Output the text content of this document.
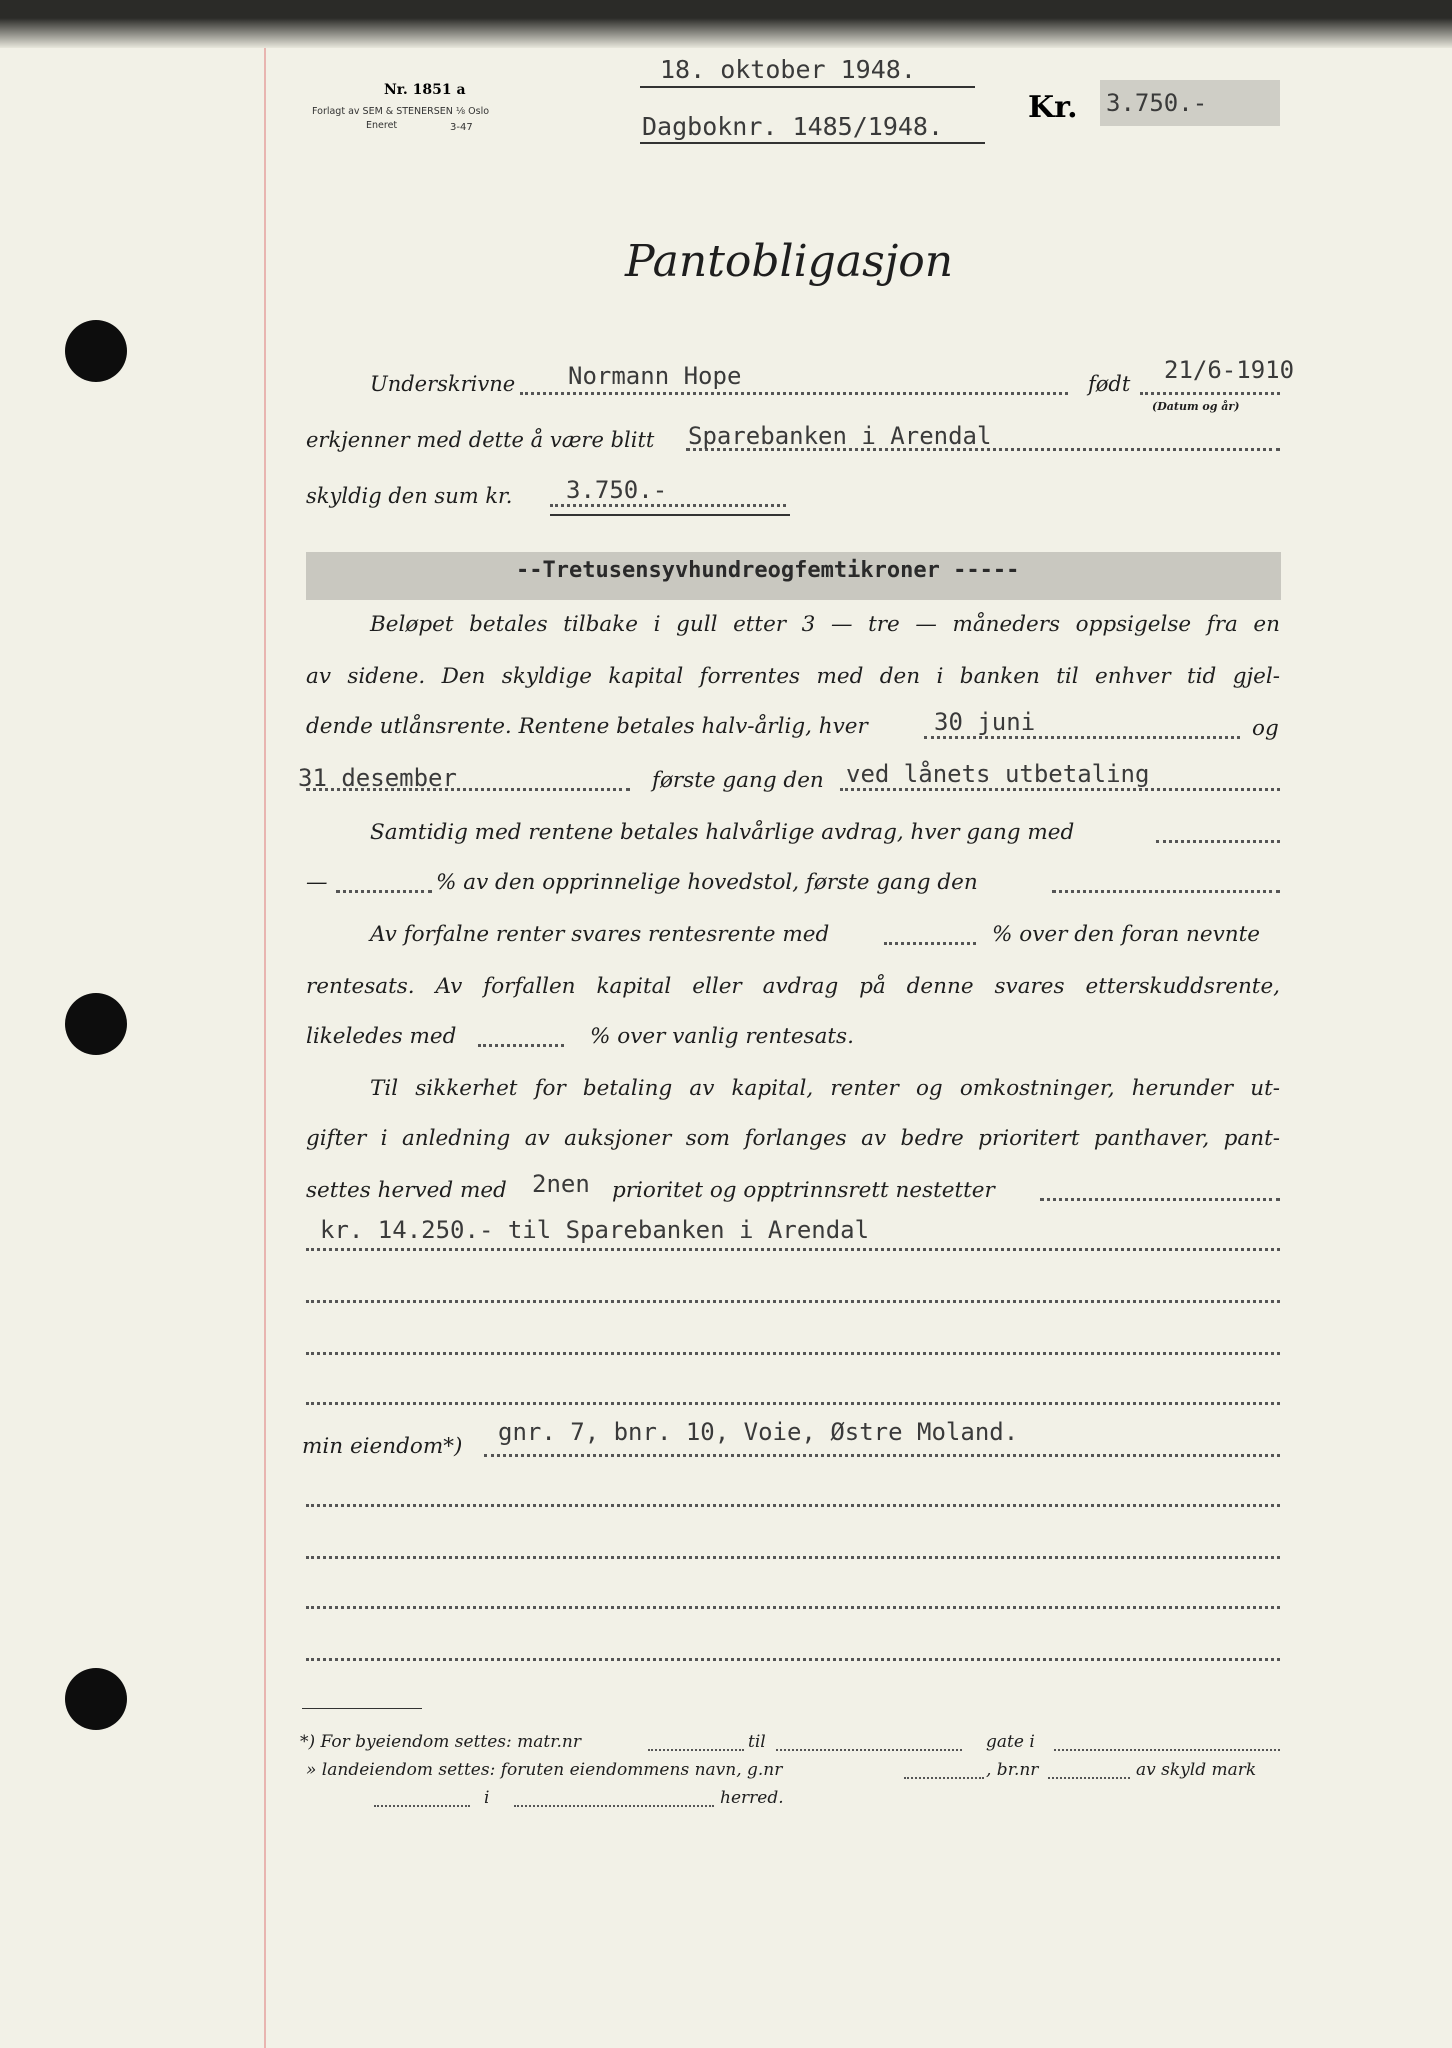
Nr. 1851 a
Forlagt av SEM & STENERSEN ⅛ Oslo
Eneret	3-47
18. oktober 1948.
Dagboknr. 1485/1948.
Kr. 3.750.-
Pantobligasjon
Underskrivne Normann Hope	født 21/6-1910
(Datum og år)
erkjenner med dette å være blitt Sparebanken i Arendal
skyldig den sum kr. 3.750.-
--Tretusensyvhundreogfemtikroner -----
Beløpet betales tilbake i gull etter 3 — tre — måneders oppsigelse fra en
av sidene. Den skyldige kapital forrentes med den i banken til enhver tid gjel-
dende utlånsrente. Rentene betales halv-årlig, hver	30 juni	og
31 desember	første gang den ved lånets utbetaling
Samtidig med rentene betales halvårlige avdrag, hver gang med
—	% av den opprinnelige hovedstol, første gang den
Av forfalne renter svares rentesrente med	% over den foran nevnte
rentesats. Av forfallen kapital eller avdrag på denne svares etterskuddsrente,
likeledes med	% over vanlig rentesats.
Til sikkerhet for betaling av kapital, renter og omkostninger, herunder ut-
gifter i anledning av auksjoner som forlanges av bedre prioritert panthaver, pant-
settes herved med 2nen prioritet og opptrinnsrett nestetter
kr. 14.250.- til Sparebanken i Arendal
min eiendom*)
gnr. 7, bnr. 10, Voie, Østre Moland.
*) For byeiendom settes: matr.nr	til	gate i
» landeiendom settes: foruten eiendommens navn, g.nr	, br.nr	av skyld mark
i	herred.
